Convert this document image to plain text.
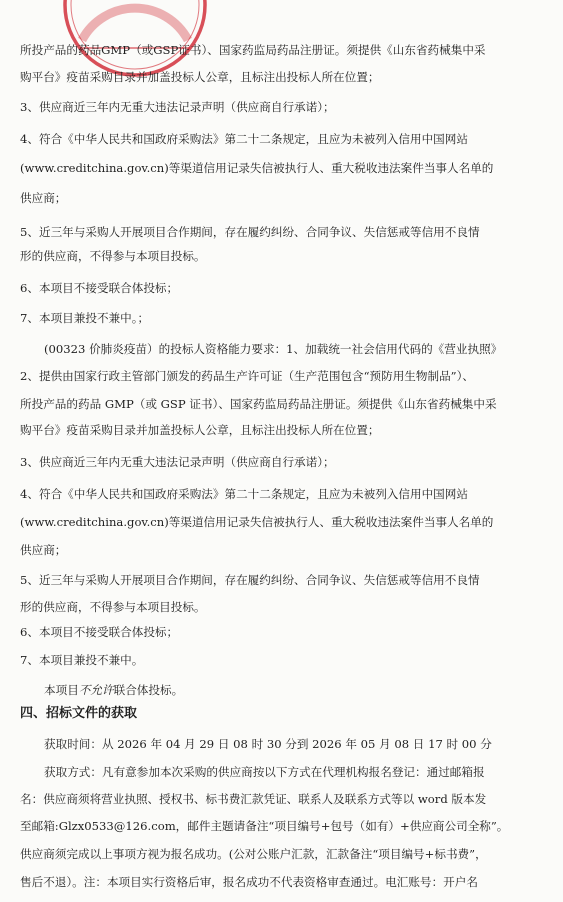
所投产品的药品GMP（或GSP证书）、国家药监局药品注册证。须提供《山东省药械集中采
购平台》疫苗采购目录并加盖投标人公章，且标注出投标人所在位置；
3、供应商近三年内无重大违法记录声明（供应商自行承诺）；
4、符合《中华人民共和国政府采购法》第二十二条规定，且应为未被列入信用中国网站
(www.creditchina.gov.cn)等渠道信用记录失信被执行人、重大税收违法案件当事人名单的
供应商；
5、近三年与采购人开展项目合作期间，存在履约纠纷、合同争议、失信惩戒等信用不良情
形的供应商，不得参与本项目投标。
6、本项目不接受联合体投标；
7、本项目兼投不兼中。；
(00323 价肺炎疫苗）的投标人资格能力要求：1、加载统一社会信用代码的《营业执照》
2、提供由国家行政主管部门颁发的药品生产许可证（生产范围包含“预防用生物制品”）、
所投产品的药品 GMP（或 GSP 证书）、国家药监局药品注册证。须提供《山东省药械集中采
购平台》疫苗采购目录并加盖投标人公章，且标注出投标人所在位置；
3、供应商近三年内无重大违法记录声明（供应商自行承诺）；
4、符合《中华人民共和国政府采购法》第二十二条规定，且应为未被列入信用中国网站
(www.creditchina.gov.cn)等渠道信用记录失信被执行人、重大税收违法案件当事人名单的
供应商；
5、近三年与采购人开展项目合作期间，存在履约纠纷、合同争议、失信惩戒等信用不良情
形的供应商，不得参与本项目投标。
6、本项目不接受联合体投标；
7、本项目兼投不兼中。
本项目不允许联合体投标。
四、招标文件的获取
获取时间：从 2026 年 04 月 29 日 08 时 30 分到 2026 年 05 月 08 日 17 时 00 分
获取方式：凡有意参加本次采购的供应商按以下方式在代理机构报名登记：通过邮箱报
名：供应商须将营业执照、授权书、标书费汇款凭证、联系人及联系方式等以 word 版本发
至邮箱:Glzx0533@126.com，邮件主题请备注“项目编号+包号（如有）+供应商公司全称”。
供应商须完成以上事项方视为报名成功。(公对公账户汇款，汇款备注“项目编号+标书费”，
售后不退）。注：本项目实行资格后审，报名成功不代表资格审查通过。电汇账号：开户名
